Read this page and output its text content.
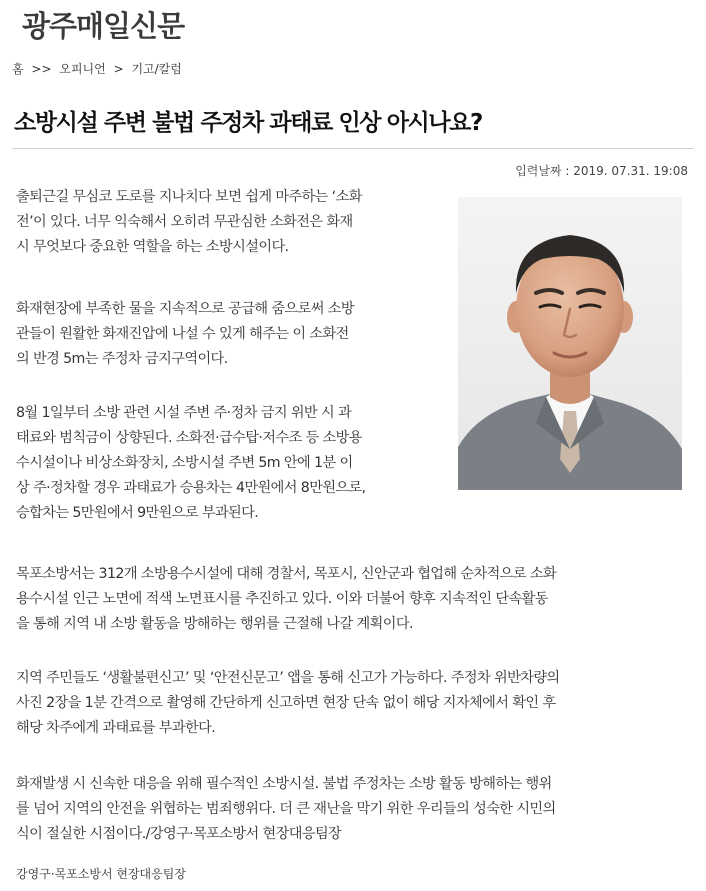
광주매일신문
홈 >> 오피니언 > 기고/칼럼
소방시설 주변 불법 주정차 과태료 인상 아시나요?
입력날짜 : 2019. 07.31. 19:08

출퇴근길 무심코 도로를 지나치다 보면 쉽게 마주하는 ‘소화
전’이 있다. 너무 익숙해서 오히려 무관심한 소화전은 화재
시 무엇보다 중요한 역할을 하는 소방시설이다.

화재현장에 부족한 물을 지속적으로 공급해 줌으로써 소방
관들이 원활한 화재진압에 나설 수 있게 해주는 이 소화전
의 반경 5m는 주정차 금지구역이다.

8월 1일부터 소방 관련 시설 주변 주·정차 금지 위반 시 과
태료와 범칙금이 상향된다. 소화전·급수탑·저수조 등 소방용
수시설이나 비상소화장치, 소방시설 주변 5m 안에 1분 이
상 주·정차할 경우 과태료가 승용차는 4만원에서 8만원으로,
승합차는 5만원에서 9만원으로 부과된다.

목포소방서는 312개 소방용수시설에 대해 경찰서, 목포시, 신안군과 협업해 순차적으로 소화
용수시설 인근 노면에 적색 노면표시를 추진하고 있다. 이와 더불어 향후 지속적인 단속활동
을 통해 지역 내 소방 활동을 방해하는 행위를 근절해 나갈 계획이다.

지역 주민들도 ‘생활불편신고’ 및 ‘안전신문고’ 앱을 통해 신고가 가능하다. 주정차 위반차량의
사진 2장을 1분 간격으로 촬영해 간단하게 신고하면 현장 단속 없이 해당 지자체에서 확인 후
해당 차주에게 과태료를 부과한다.

화재발생 시 신속한 대응을 위해 필수적인 소방시설. 불법 주정차는 소방 활동 방해하는 행위
를 넘어 지역의 안전을 위협하는 범죄행위다. 더 큰 재난을 막기 위한 우리들의 성숙한 시민의
식이 절실한 시점이다./강영구·목포소방서 현장대응팀장

강영구·목포소방서 현장대응팀장
